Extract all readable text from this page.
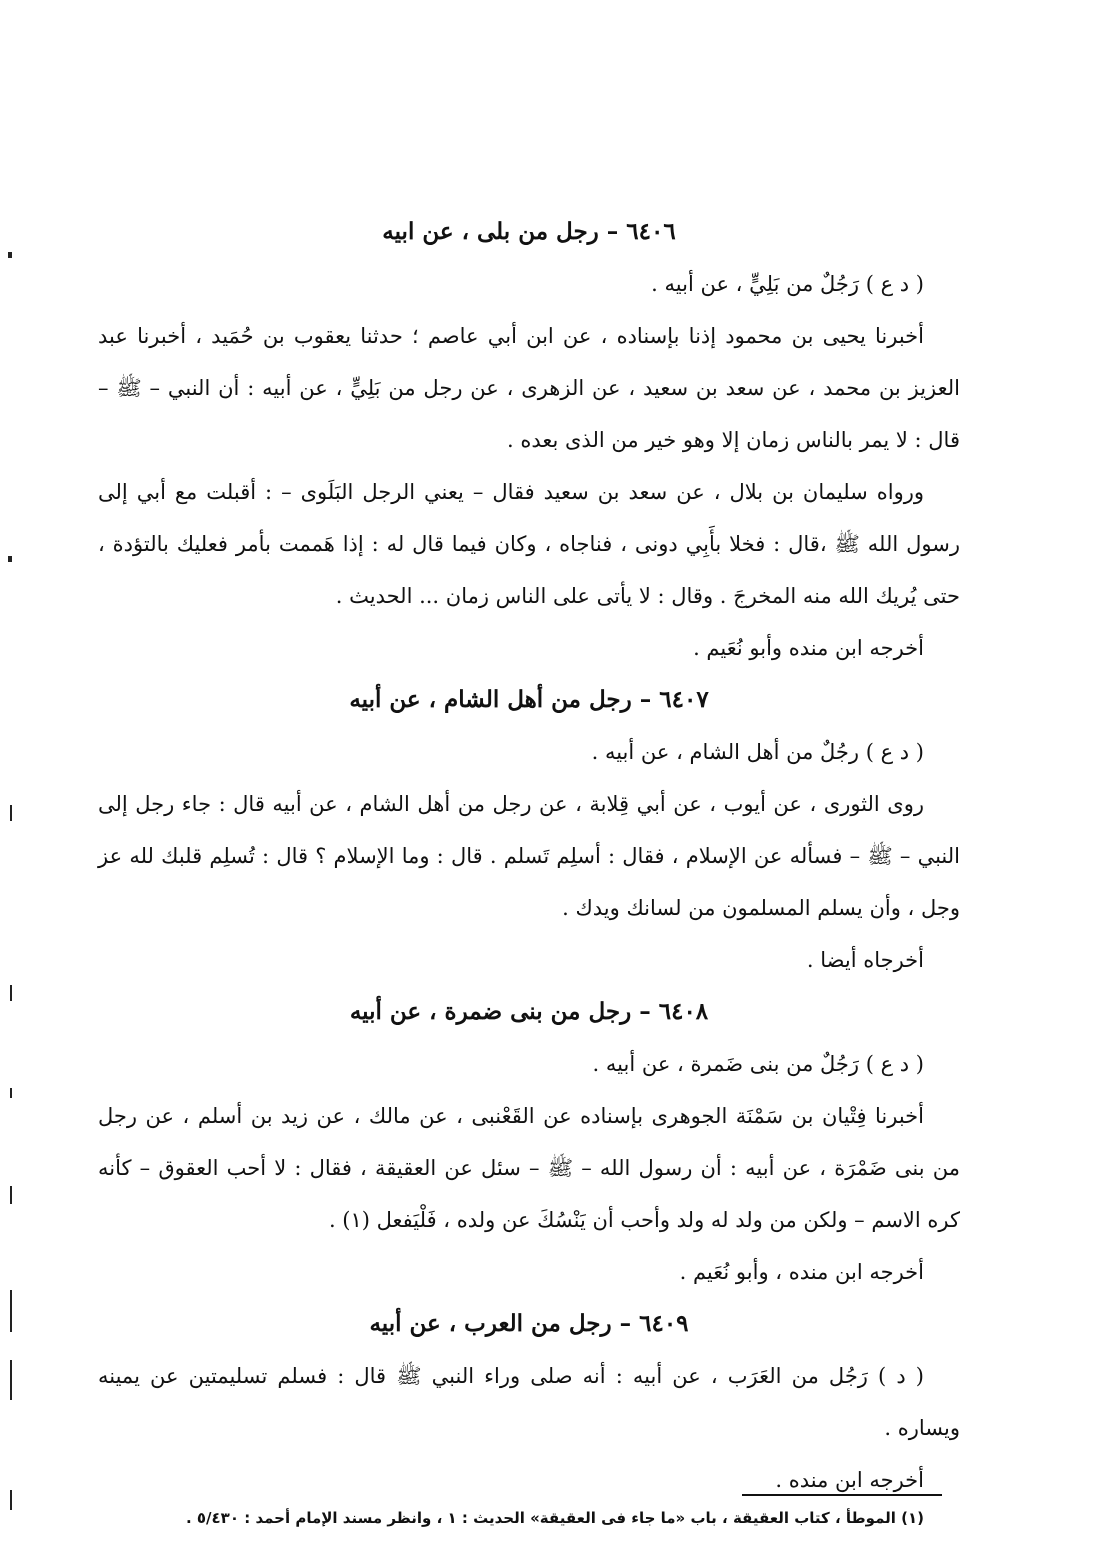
٦٤٠٦ – رجل من بلى ، عن ابيه

( د ع ) رَجُلٌ من بَلِيٍّ ، عن أبيه .

أخبرنا يحيى بن محمود إذنا بإسناده ، عن ابن أبي عاصم ؛ حدثنا يعقوب بن حُمَيد ، أخبرنا عبد العزيز بن محمد ، عن سعد بن سعيد ، عن الزهرى ، عن رجل من بَلِيٍّ ، عن أبيه : أن النبي – ﷺ – قال : لا يمر بالناس زمان إلا وهو خير من الذى بعده .

ورواه سليمان بن بلال ، عن سعد بن سعيد فقال – يعني الرجل البَلَوى – : أقبلت مع أبي إلى رسول الله ﷺ ،قال : فخلا بأَبِي دونى ، فناجاه ، وكان فيما قال له : إذا هَممت بأمر فعليك بالتؤدة ، حتى يُريك الله منه المخرجَ . وقال : لا يأتى على الناس زمان ... الحديث .

أخرجه ابن منده وأبو نُعَيم .

٦٤٠٧ – رجل من أهل الشام ، عن أبيه

( د ع ) رجُلٌ من أهل الشام ، عن أبيه .

روى الثورى ، عن أيوب ، عن أبي قِلابة ، عن رجل من أهل الشام ، عن أبيه قال : جاء رجل إلى النبي – ﷺ – فسأله عن الإسلام ، فقال : أسلِم تَسلم . قال : وما الإسلام ؟ قال : تُسلِم قلبك لله عز وجل ، وأن يسلم المسلمون من لسانك ويدك .

أخرجاه أيضا .

٦٤٠٨ – رجل من بنى ضمرة ، عن أبيه

( د ع ) رَجُلٌ من بنى ضَمرة ، عن أبيه .

أخبرنا فِتْيان بن سَمْنَة الجوهرى بإسناده عن القَعْنبى ، عن مالك ، عن زيد بن أسلم ، عن رجل من بنى ضَمْرَة ، عن أبيه : أن رسول الله – ﷺ – سئل عن العقيقة ، فقال : لا أحب العقوق – كأنه كره الاسم – ولكن من ولد له ولد وأحب أن يَنْسُكَ عن ولده ، فَلْيَفعل (١) .

أخرجه ابن منده ، وأبو نُعَيم .

٦٤٠٩ – رجل من العرب ، عن أبيه

( د ) رَجُل من العَرَب ، عن أبيه : أنه صلى وراء النبي ﷺ قال : فسلم تسليمتين عن يمينه ويساره .

أخرجه ابن منده .

(١) الموطأ ، كتاب العقيقة ، باب «ما جاء فى العقيقة» الحديث : ١ ، وانظر مسند الإمام أحمد : ٥/٤٣٠ .
